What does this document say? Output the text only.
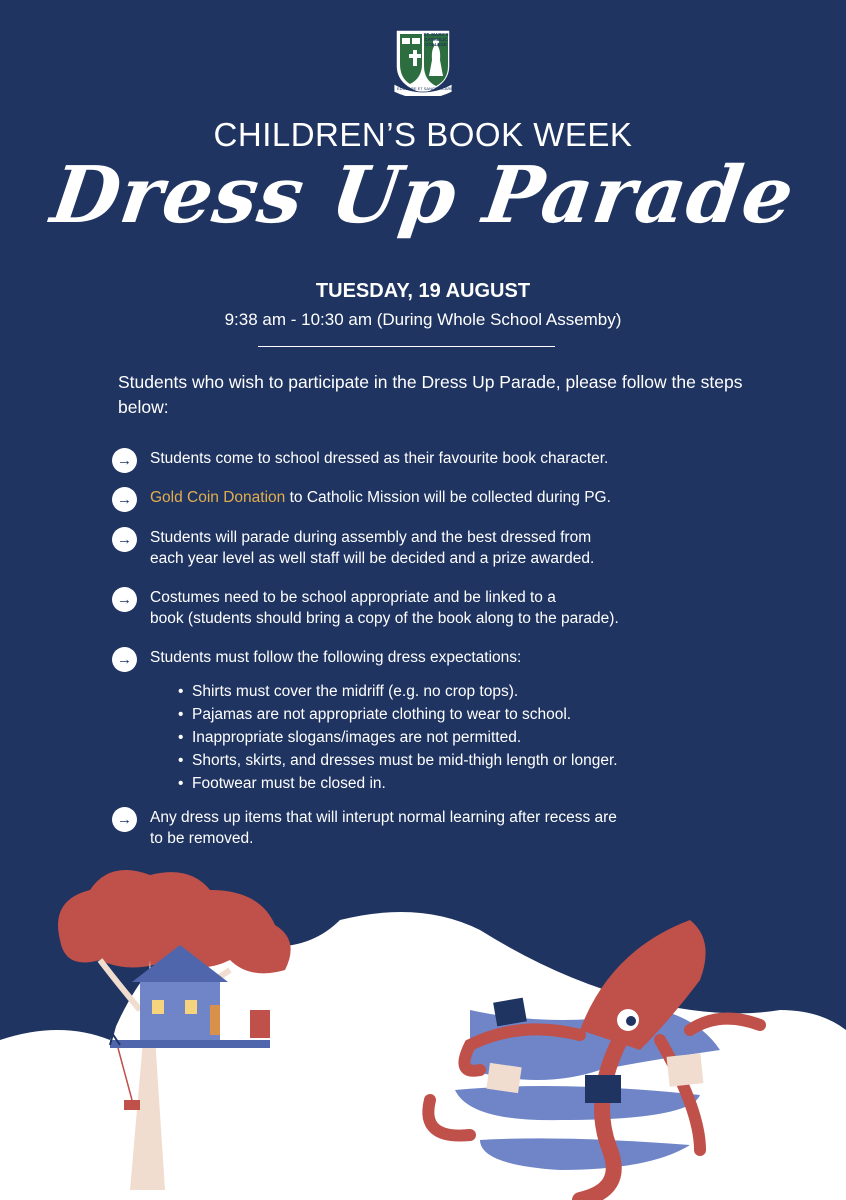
ST. MARY'S CATHOLIC COLLEGE
EDUCARE ET SANCTIFICARE
CHILDREN’S BOOK WEEK
Dress Up Parade
TUESDAY, 19 AUGUST
9:38 am - 10:30 am (During Whole School Assemby)
Students who wish to participate in the Dress Up Parade, please follow the steps below:
→	Students come to school dressed as their favourite book character.
→	Gold Coin Donation to Catholic Mission will be collected during PG.
→	Students will parade during assembly and the best dressed from
each year level as well staff will be decided and a prize awarded.
→	Costumes need to be school appropriate and be linked to a
book (students should bring a copy of the book along to the parade).
→	Students must follow the following dress expectations:
• Shirts must cover the midriff (e.g. no crop tops).
• Pajamas are not appropriate clothing to wear to school.
• Inappropriate slogans/images are not permitted.
• Shorts, skirts, and dresses must be mid-thigh length or longer.
• Footwear must be closed in.
→	Any dress up items that will interupt normal learning after recess are
to be removed.
